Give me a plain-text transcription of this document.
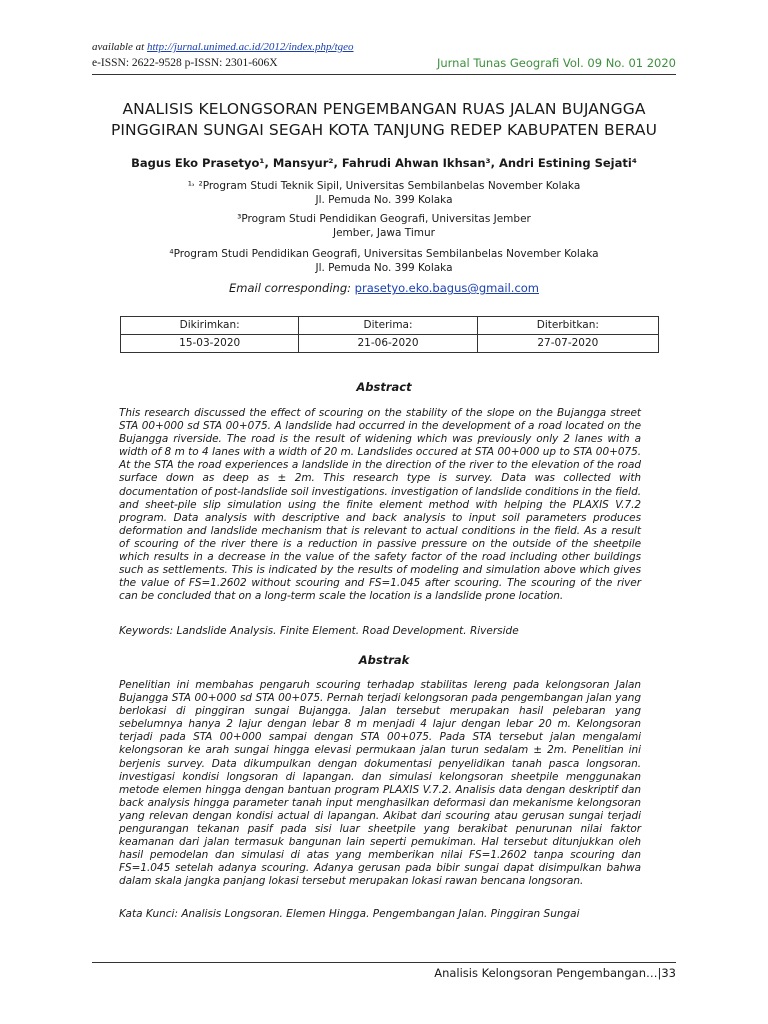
available at http://jurnal.unimed.ac.id/2012/index.php/tgeo
e-ISSN: 2622-9528 p-ISSN: 2301-606X	Jurnal Tunas Geografi Vol. 09 No. 01 2020
ANALISIS KELONGSORAN PENGEMBANGAN RUAS JALAN BUJANGGA
PINGGIRAN SUNGAI SEGAH KOTA TANJUNG REDEP KABUPATEN BERAU
Bagus Eko Prasetyo¹, Mansyur², Fahrudi Ahwan Ikhsan³, Andri Estining Sejati⁴
¹˒ ²Program Studi Teknik Sipil, Universitas Sembilanbelas November Kolaka
Jl. Pemuda No. 399 Kolaka
³Program Studi Pendidikan Geografi, Universitas Jember
Jember, Jawa Timur
⁴Program Studi Pendidikan Geografi, Universitas Sembilanbelas November Kolaka
Jl. Pemuda No. 399 Kolaka
Email corresponding: prasetyo.eko.bagus@gmail.com
Dikirimkan:	Diterima:	Diterbitkan:
15-03-2020	21-06-2020	27-07-2020
Abstract
This research discussed the effect of scouring on the stability of the slope on the Bujangga street STA 00+000 sd STA 00+075. A landslide had occurred in the development of a road located on the Bujangga riverside. The road is the result of widening which was previously only 2 lanes with a width of 8 m to 4 lanes with a width of 20 m. Landslides occured at STA 00+000 up to STA 00+075. At the STA the road experiences a landslide in the direction of the river to the elevation of the road surface down as deep as ± 2m. This research type is survey. Data was collected with documentation of post-landslide soil investigations. investigation of landslide conditions in the field. and sheet-pile slip simulation using the finite element method with helping the PLAXIS V.7.2 program. Data analysis with descriptive and back analysis to input soil parameters produces deformation and landslide mechanism that is relevant to actual conditions in the field. As a result of scouring of the river there is a reduction in passive pressure on the outside of the sheetpile which results in a decrease in the value of the safety factor of the road including other buildings such as settlements. This is indicated by the results of modeling and simulation above which gives the value of FS=1.2602 without scouring and FS=1.045 after scouring. The scouring of the river can be concluded that on a long-term scale the location is a landslide prone location.
Keywords: Landslide Analysis. Finite Element. Road Development. Riverside
Abstrak
Penelitian ini membahas pengaruh scouring terhadap stabilitas lereng pada kelongsoran Jalan Bujangga STA 00+000 sd STA 00+075. Pernah terjadi kelongsoran pada pengembangan jalan yang berlokasi di pinggiran sungai Bujangga. Jalan tersebut merupakan hasil pelebaran yang sebelumnya hanya 2 lajur dengan lebar 8 m menjadi 4 lajur dengan lebar 20 m. Kelongsoran terjadi pada STA 00+000 sampai dengan STA 00+075. Pada STA tersebut jalan mengalami kelongsoran ke arah sungai hingga elevasi permukaan jalan turun sedalam ± 2m. Penelitian ini berjenis survey. Data dikumpulkan dengan dokumentasi penyelidikan tanah pasca longsoran. investigasi kondisi longsoran di lapangan. dan simulasi kelongsoran sheetpile menggunakan metode elemen hingga dengan bantuan program PLAXIS V.7.2. Analisis data dengan deskriptif dan back analysis hingga parameter tanah input menghasilkan deformasi dan mekanisme kelongsoran yang relevan dengan kondisi actual di lapangan. Akibat dari scouring atau gerusan sungai terjadi pengurangan tekanan pasif pada sisi luar sheetpile yang berakibat penurunan nilai faktor keamanan dari jalan termasuk bangunan lain seperti pemukiman. Hal tersebut ditunjukkan oleh hasil pemodelan dan simulasi di atas yang memberikan nilai FS=1.2602 tanpa scouring dan FS=1.045 setelah adanya scouring. Adanya gerusan pada bibir sungai dapat disimpulkan bahwa dalam skala jangka panjang lokasi tersebut merupakan lokasi rawan bencana longsoran.
Kata Kunci: Analisis Longsoran. Elemen Hingga. Pengembangan Jalan. Pinggiran Sungai
Analisis Kelongsoran Pengembangan…|33
